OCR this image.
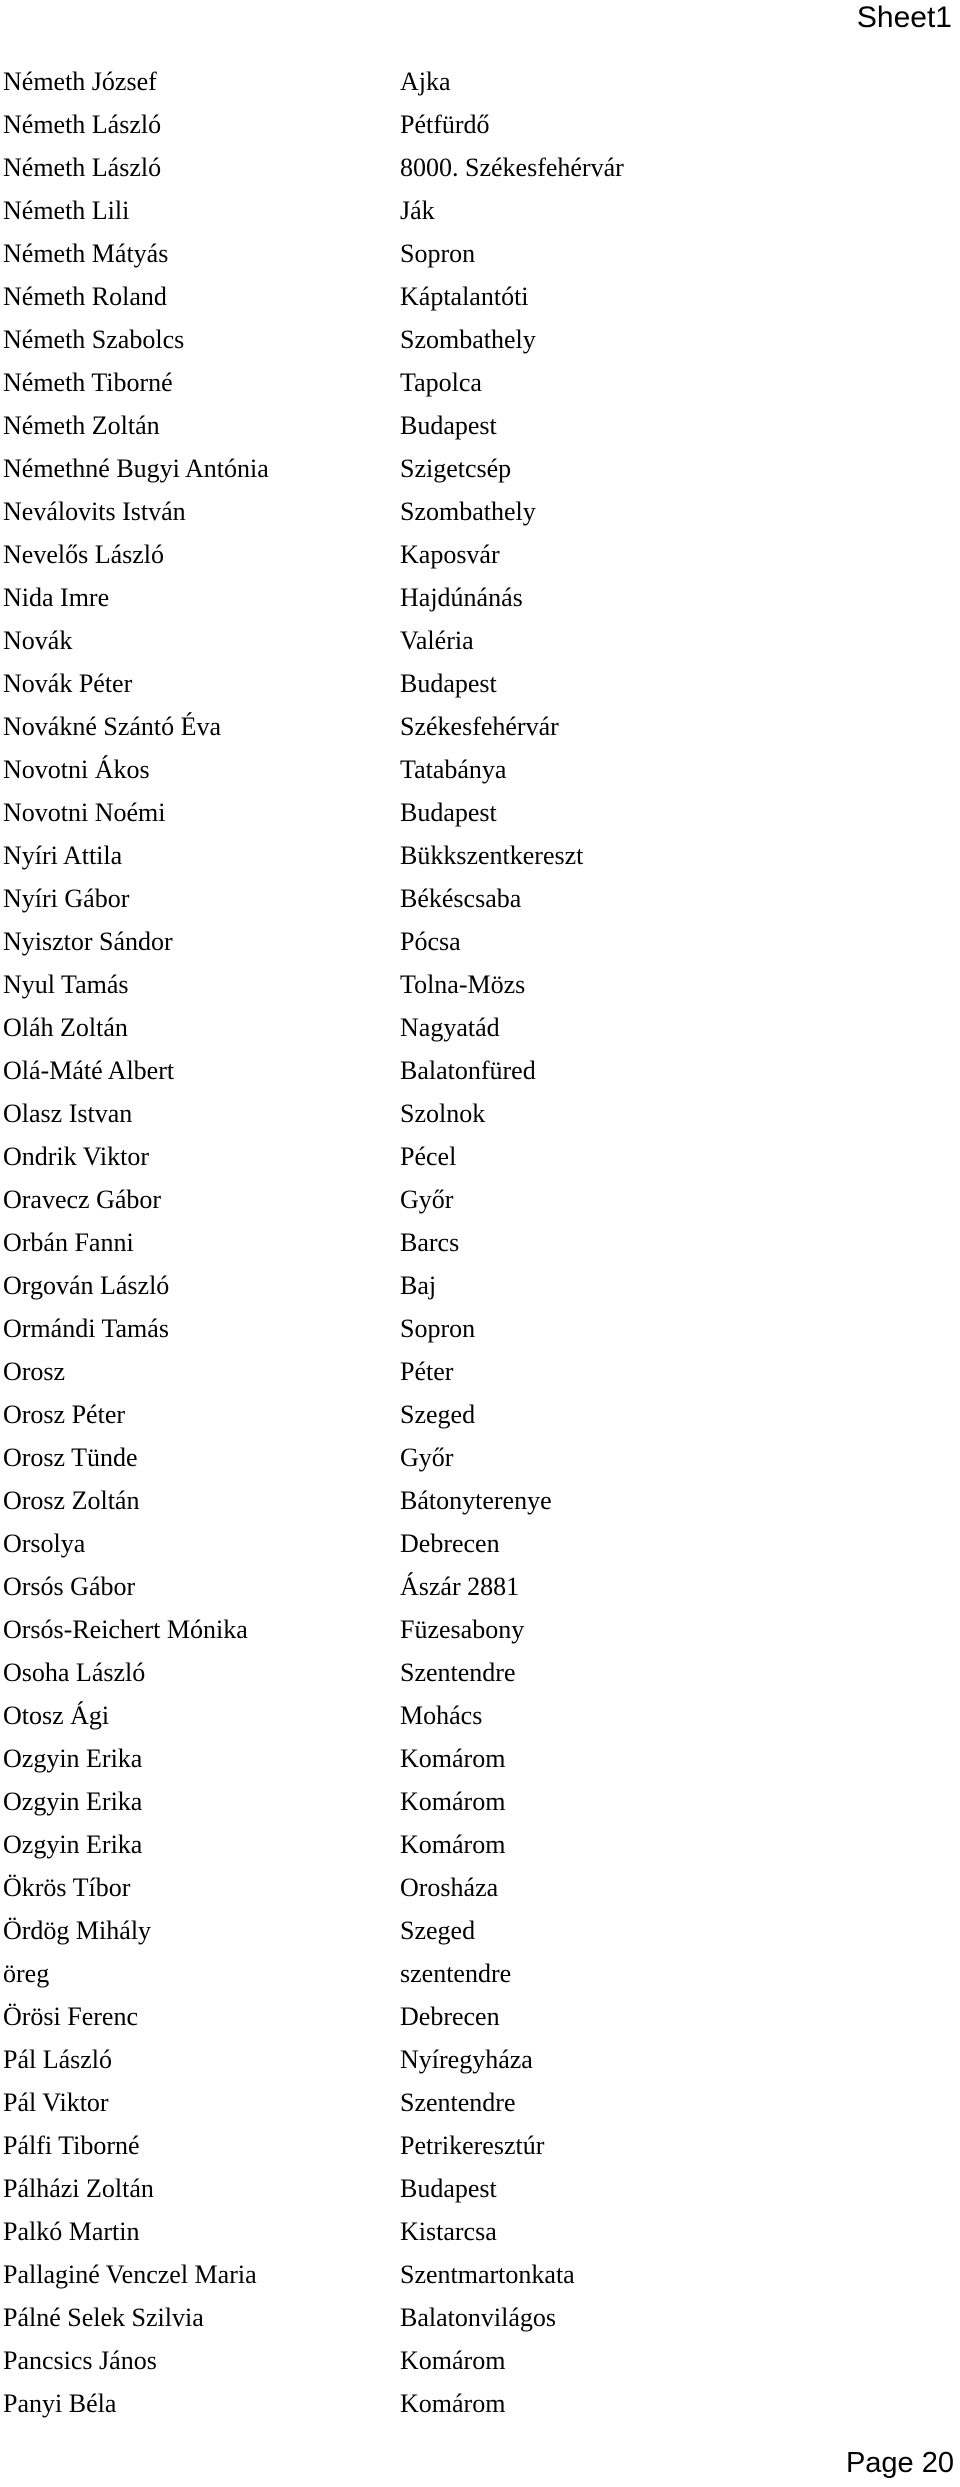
Sheet1
Németh József	Ajka
Németh László	Pétfürdő
Németh László	8000. Székesfehérvár
Németh Lili	Ják
Németh Mátyás	Sopron
Németh Roland	Káptalantóti
Németh Szabolcs	Szombathely
Németh Tiborné	Tapolca
Németh Zoltán	Budapest
Némethné Bugyi Antónia	Szigetcsép
Neválovits István	Szombathely
Nevelős László	Kaposvár
Nida Imre	Hajdúnánás
Novák	Valéria
Novák Péter	Budapest
Novákné Szántó Éva	Székesfehérvár
Novotni Ákos	Tatabánya
Novotni Noémi	Budapest
Nyíri Attila	Bükkszentkereszt
Nyíri Gábor	Békéscsaba
Nyisztor Sándor	Pócsa
Nyul Tamás	Tolna-Mözs
Oláh Zoltán	Nagyatád
Olá-Máté Albert	Balatonfüred
Olasz Istvan	Szolnok
Ondrik Viktor	Pécel
Oravecz Gábor	Győr
Orbán Fanni	Barcs
Orgován László	Baj
Ormándi Tamás	Sopron
Orosz	Péter
Orosz Péter	Szeged
Orosz Tünde	Győr
Orosz Zoltán	Bátonyterenye
Orsolya	Debrecen
Orsós Gábor	Ászár 2881
Orsós-Reichert Mónika	Füzesabony
Osoha László	Szentendre
Otosz Ági	Mohács
Ozgyin Erika	Komárom
Ozgyin Erika	Komárom
Ozgyin Erika	Komárom
Ökrös Tíbor	Orosháza
Ördög Mihály	Szeged
öreg	szentendre
Örösi Ferenc	Debrecen
Pál László	Nyíregyháza
Pál Viktor	Szentendre
Pálfi Tiborné	Petrikeresztúr
Pálházi Zoltán	Budapest
Palkó Martin	Kistarcsa
Pallaginé Venczel Maria	Szentmartonkata
Pálné Selek Szilvia	Balatonvilágos
Pancsics János	Komárom
Panyi Béla	Komárom
Page 20
